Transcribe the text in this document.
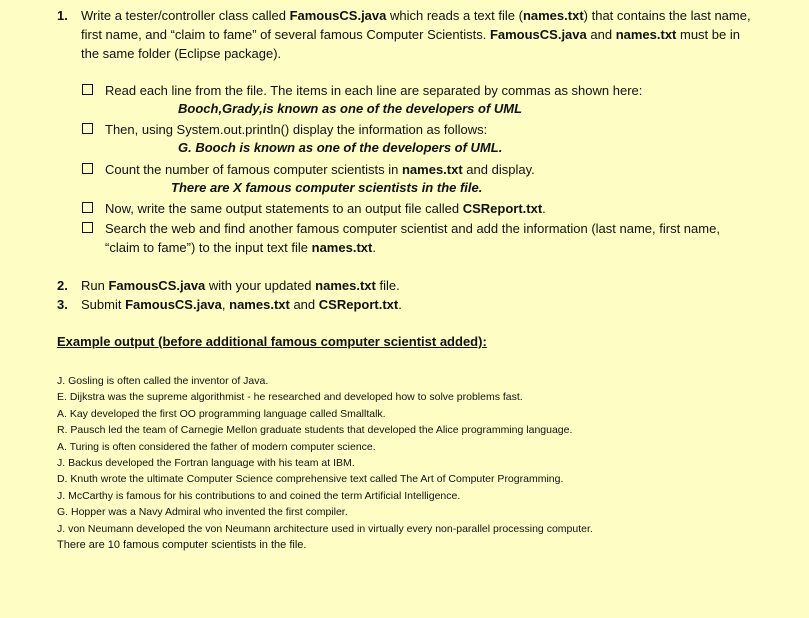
1. Write a tester/controller class called FamousCS.java which reads a text file (names.txt) that contains the last name, first name, and “claim to fame” of several famous Computer Scientists. FamousCS.java and names.txt must be in the same folder (Eclipse package).
Read each line from the file. The items in each line are separated by commas as shown here:
Booch,Grady,is known as one of the developers of UML
Then, using System.out.println() display the information as follows:
G. Booch is known as one of the developers of UML.
Count the number of famous computer scientists in names.txt and display.
There are X famous computer scientists in the file.
Now, write the same output statements to an output file called CSReport.txt.
Search the web and find another famous computer scientist and add the information (last name, first name, “claim to fame”) to the input text file names.txt.
2. Run FamousCS.java with your updated names.txt file.
3. Submit FamousCS.java, names.txt and CSReport.txt.
Example output (before additional famous computer scientist added):
J. Gosling is often called the inventor of Java.
E. Dijkstra was the supreme algorithmist - he researched and developed how to solve problems fast.
A. Kay developed the first OO programming language called Smalltalk.
R. Pausch led the team of Carnegie Mellon graduate students that developed the Alice programming language.
A. Turing is often considered the father of modern computer science.
J. Backus developed the Fortran language with his team at IBM.
D. Knuth wrote the ultimate Computer Science comprehensive text called The Art of Computer Programming.
J. McCarthy is famous for his contributions to and coined the term Artificial Intelligence.
G. Hopper was a Navy Admiral who invented the first compiler.
J. von Neumann developed the von Neumann architecture used in virtually every non-parallel processing computer.
There are 10 famous computer scientists in the file.
